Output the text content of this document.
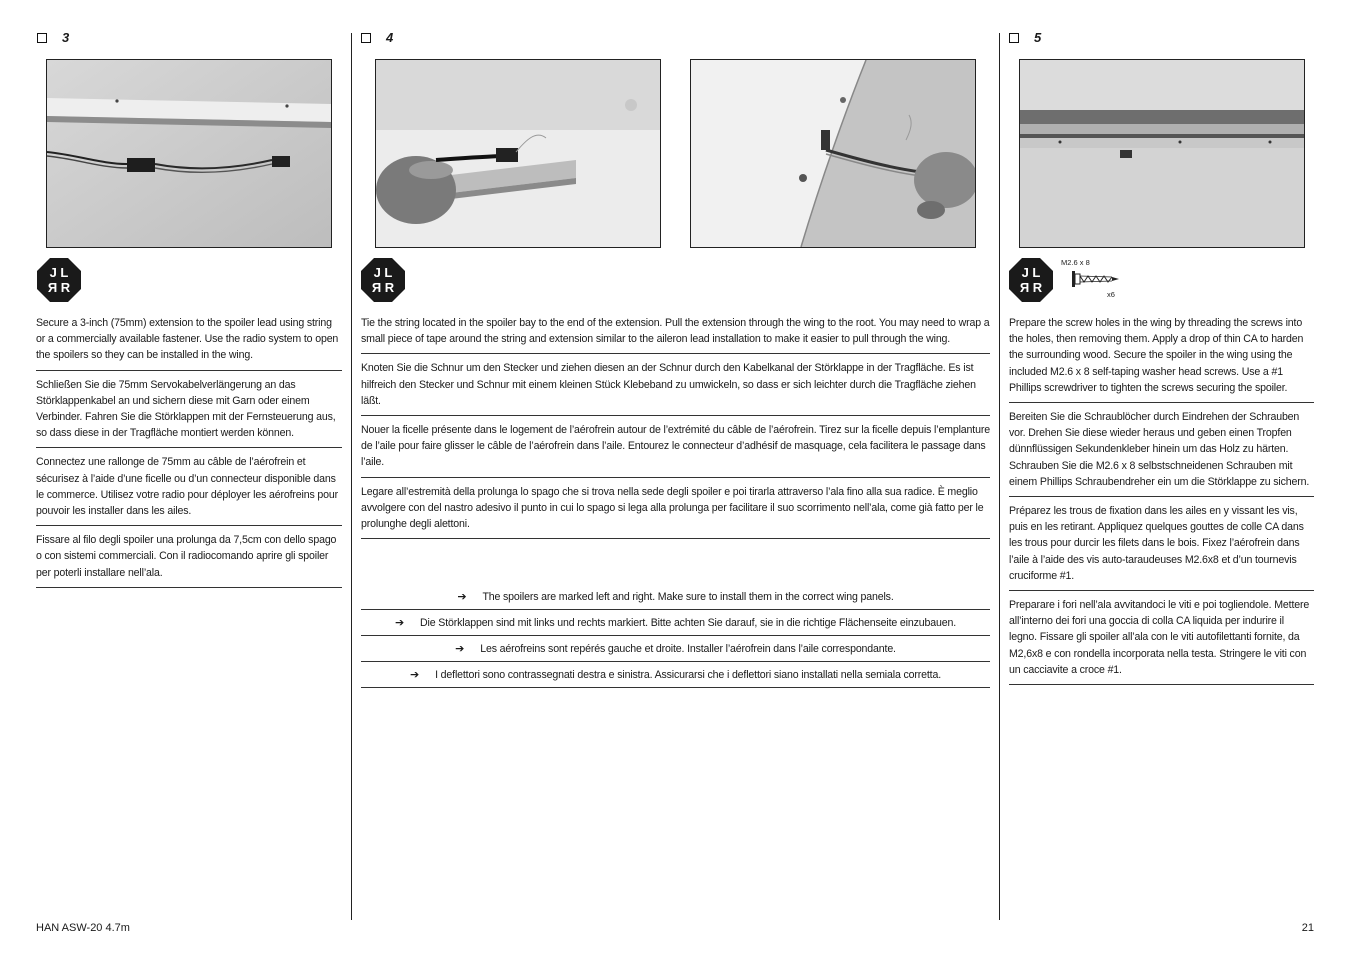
3	4	5
J L
Я R
J L
Я R
J L
Я R
M2.6 x 8
x6

Secure a 3-inch (75mm) extension to the spoiler lead using string or a commercially available fastener. Use the radio system to open the spoilers so they can be installed in the wing.

Schließen Sie die 75mm Servokabelverlängerung an das Störklappenkabel an und sichern diese mit Garn oder einem Verbinder. Fahren Sie die Störklappen mit der Fernsteuerung aus, so dass diese in der Tragfläche montiert werden können.

Connectez une rallonge de 75mm au câble de l’aérofrein et sécurisez à l’aide d’une ficelle ou d’un connecteur disponible dans le commerce. Utilisez votre radio pour déployer les aérofreins pour pouvoir les installer dans les ailes.

Fissare al filo degli spoiler una prolunga da 7,5cm con dello spago o con sistemi commerciali. Con il radiocomando aprire gli spoiler per poterli installare nell’ala.

Tie the string located in the spoiler bay to the end of the extension. Pull the extension through the wing to the root. You may need to wrap a small piece of tape around the string and extension similar to the aileron lead installation to make it easier to pull through the wing.

Knoten Sie die Schnur um den Stecker und ziehen diesen an der Schnur durch den Kabelkanal der Störklappe in der Tragfläche. Es ist hilfreich den Stecker und Schnur mit einem kleinen Stück Klebeband zu umwickeln, so dass er sich leichter durch die Tragfläche ziehen läßt.

Nouer la ficelle présente dans le logement de l’aérofrein autour de l’extrémité du câble de l’aérofrein. Tirez sur la ficelle depuis l’emplanture de l’aile pour faire glisser le câble de l’aérofrein dans l’aile. Entourez le connecteur d’adhésif de masquage, cela facilitera le passage dans l’aile.

Legare all’estremità della prolunga lo spago che si trova nella sede degli spoiler e poi tirarla attraverso l’ala fino alla sua radice. È meglio avvolgere con del nastro adesivo il punto in cui lo spago si lega alla prolunga per facilitare il suo scorrimento nell’ala, come già fatto per le prolunghe degli alettoni.

➔ The spoilers are marked left and right. Make sure to install them in the correct wing panels.
➔ Die Störklappen sind mit links und rechts markiert. Bitte achten Sie darauf, sie in die richtige Flächenseite einzubauen.
➔ Les aérofreins sont repérés gauche et droite. Installer l’aérofrein dans l’aile correspondante.
➔ I deflettori sono contrassegnati destra e sinistra. Assicurarsi che i deflettori siano installati nella semiala corretta.

Prepare the screw holes in the wing by threading the screws into the holes, then removing them. Apply a drop of thin CA to harden the surrounding wood. Secure the spoiler in the wing using the included M2.6 x 8 self-taping washer head screws. Use a #1 Phillips screwdriver to tighten the screws securing the spoiler.

Bereiten Sie die Schraublöcher durch Eindrehen der Schrauben vor. Drehen Sie diese wieder heraus und geben einen Tropfen dünnflüssigen Sekundenkleber hinein um das Holz zu härten. Schrauben Sie die M2.6 x 8 selbstschneidenen Schrauben mit einem Phillips Schraubendreher ein um die Störklappe zu sichern.

Préparez les trous de fixation dans les ailes en y vissant les vis, puis en les retirant. Appliquez quelques gouttes de colle CA dans les trous pour durcir les filets dans le bois. Fixez l’aérofrein dans l’aile à l’aide des vis auto-taraudeuses M2.6x8 et d’un tournevis cruciforme #1.

Preparare i fori nell’ala avvitandoci le viti e poi togliendole. Mettere all’interno dei fori una goccia di colla CA liquida per indurire il legno. Fissare gli spoiler all’ala con le viti autofilettanti fornite, da M2,6x8 e con rondella incorporata nella testa. Stringere le viti con un cacciavite a croce #1.

HAN ASW-20 4.7m	21
